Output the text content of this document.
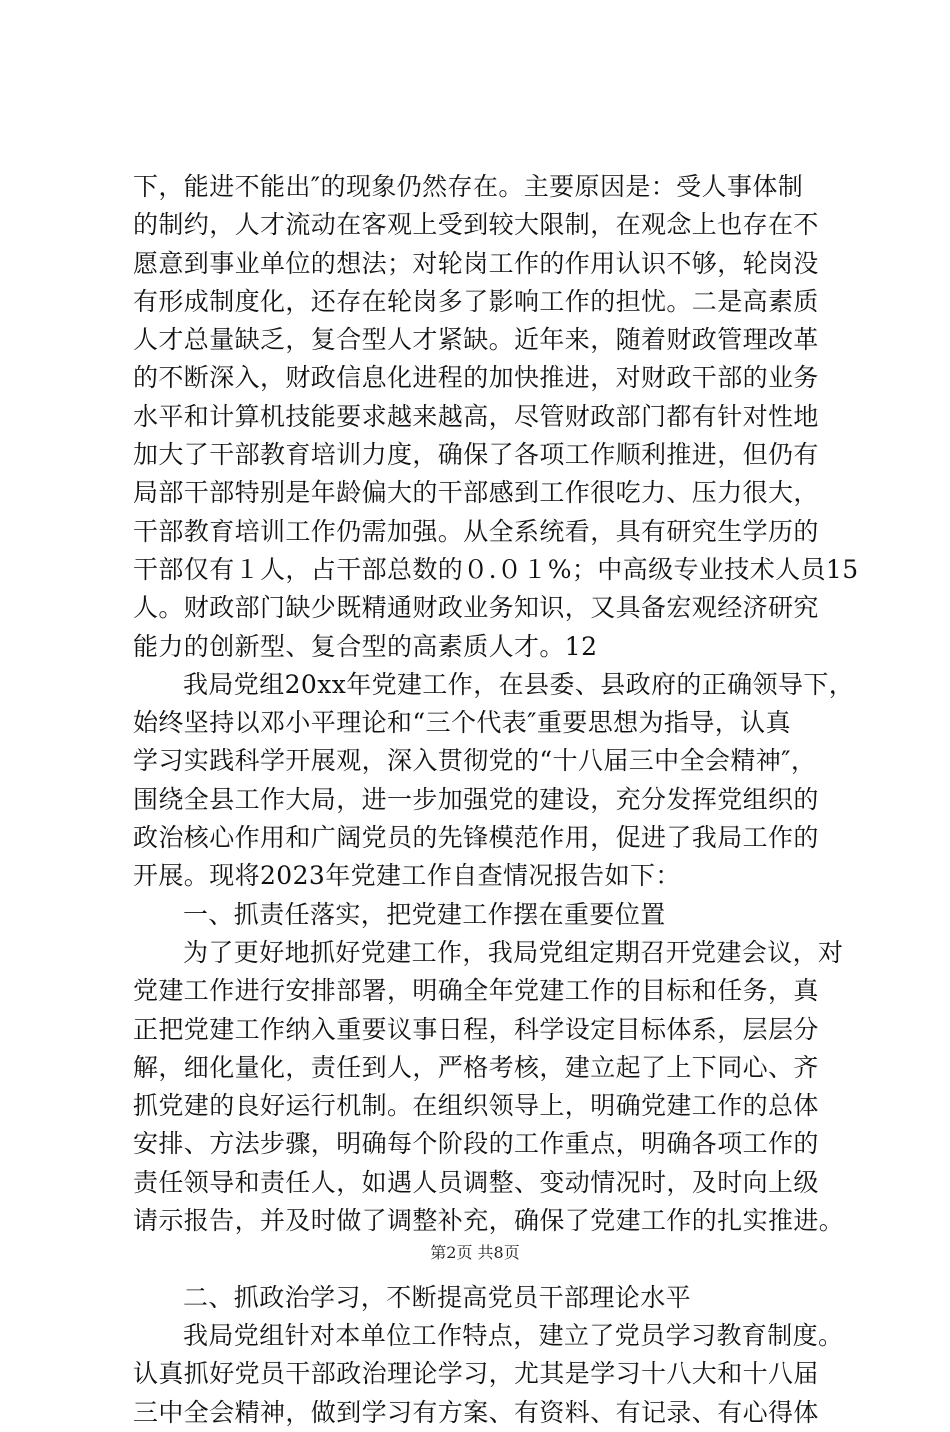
下，能进不能出″的现象仍然存在。主要原因是：受人事体制
的制约，人才流动在客观上受到较大限制，在观念上也存在不
愿意到事业单位的想法；对轮岗工作的作用认识不够，轮岗没
有形成制度化，还存在轮岗多了影响工作的担忧。二是高素质
人才总量缺乏，复合型人才紧缺。近年来，随着财政管理改革
的不断深入，财政信息化进程的加快推进，对财政干部的业务
水平和计算机技能要求越来越高，尽管财政部门都有针对性地
加大了干部教育培训力度，确保了各项工作顺利推进，但仍有
局部干部特别是年龄偏大的干部感到工作很吃力、压力很大，
干部教育培训工作仍需加强。从全系统看，具有研究生学历的
干部仅有１人，占干部总数的０.０１%；中高级专业技术人员15
人。财政部门缺少既精通财政业务知识，又具备宏观经济研究
能力的创新型、复合型的高素质人才。12
我局党组20xx年党建工作，在县委、县政府的正确领导下，
始终坚持以邓小平理论和“三个代表″重要思想为指导，认真
学习实践科学开展观，深入贯彻党的“十八届三中全会精神″，
围绕全县工作大局，进一步加强党的建设，充分发挥党组织的
政治核心作用和广阔党员的先锋模范作用，促进了我局工作的
开展。现将2023年党建工作自查情况报告如下：
一、抓责任落实，把党建工作摆在重要位置
为了更好地抓好党建工作，我局党组定期召开党建会议，对
党建工作进行安排部署，明确全年党建工作的目标和任务，真
正把党建工作纳入重要议事日程，科学设定目标体系，层层分
解，细化量化，责任到人，严格考核，建立起了上下同心、齐
抓党建的良好运行机制。在组织领导上，明确党建工作的总体
安排、方法步骤，明确每个阶段的工作重点，明确各项工作的
责任领导和责任人，如遇人员调整、变动情况时，及时向上级
请示报告，并及时做了调整补充，确保了党建工作的扎实推进。
二、抓政治学习，不断提高党员干部理论水平
我局党组针对本单位工作特点，建立了党员学习教育制度。
认真抓好党员干部政治理论学习，尤其是学习十八大和十八届
三中全会精神，做到学习有方案、有资料、有记录、有心得体
第2页 共8页
